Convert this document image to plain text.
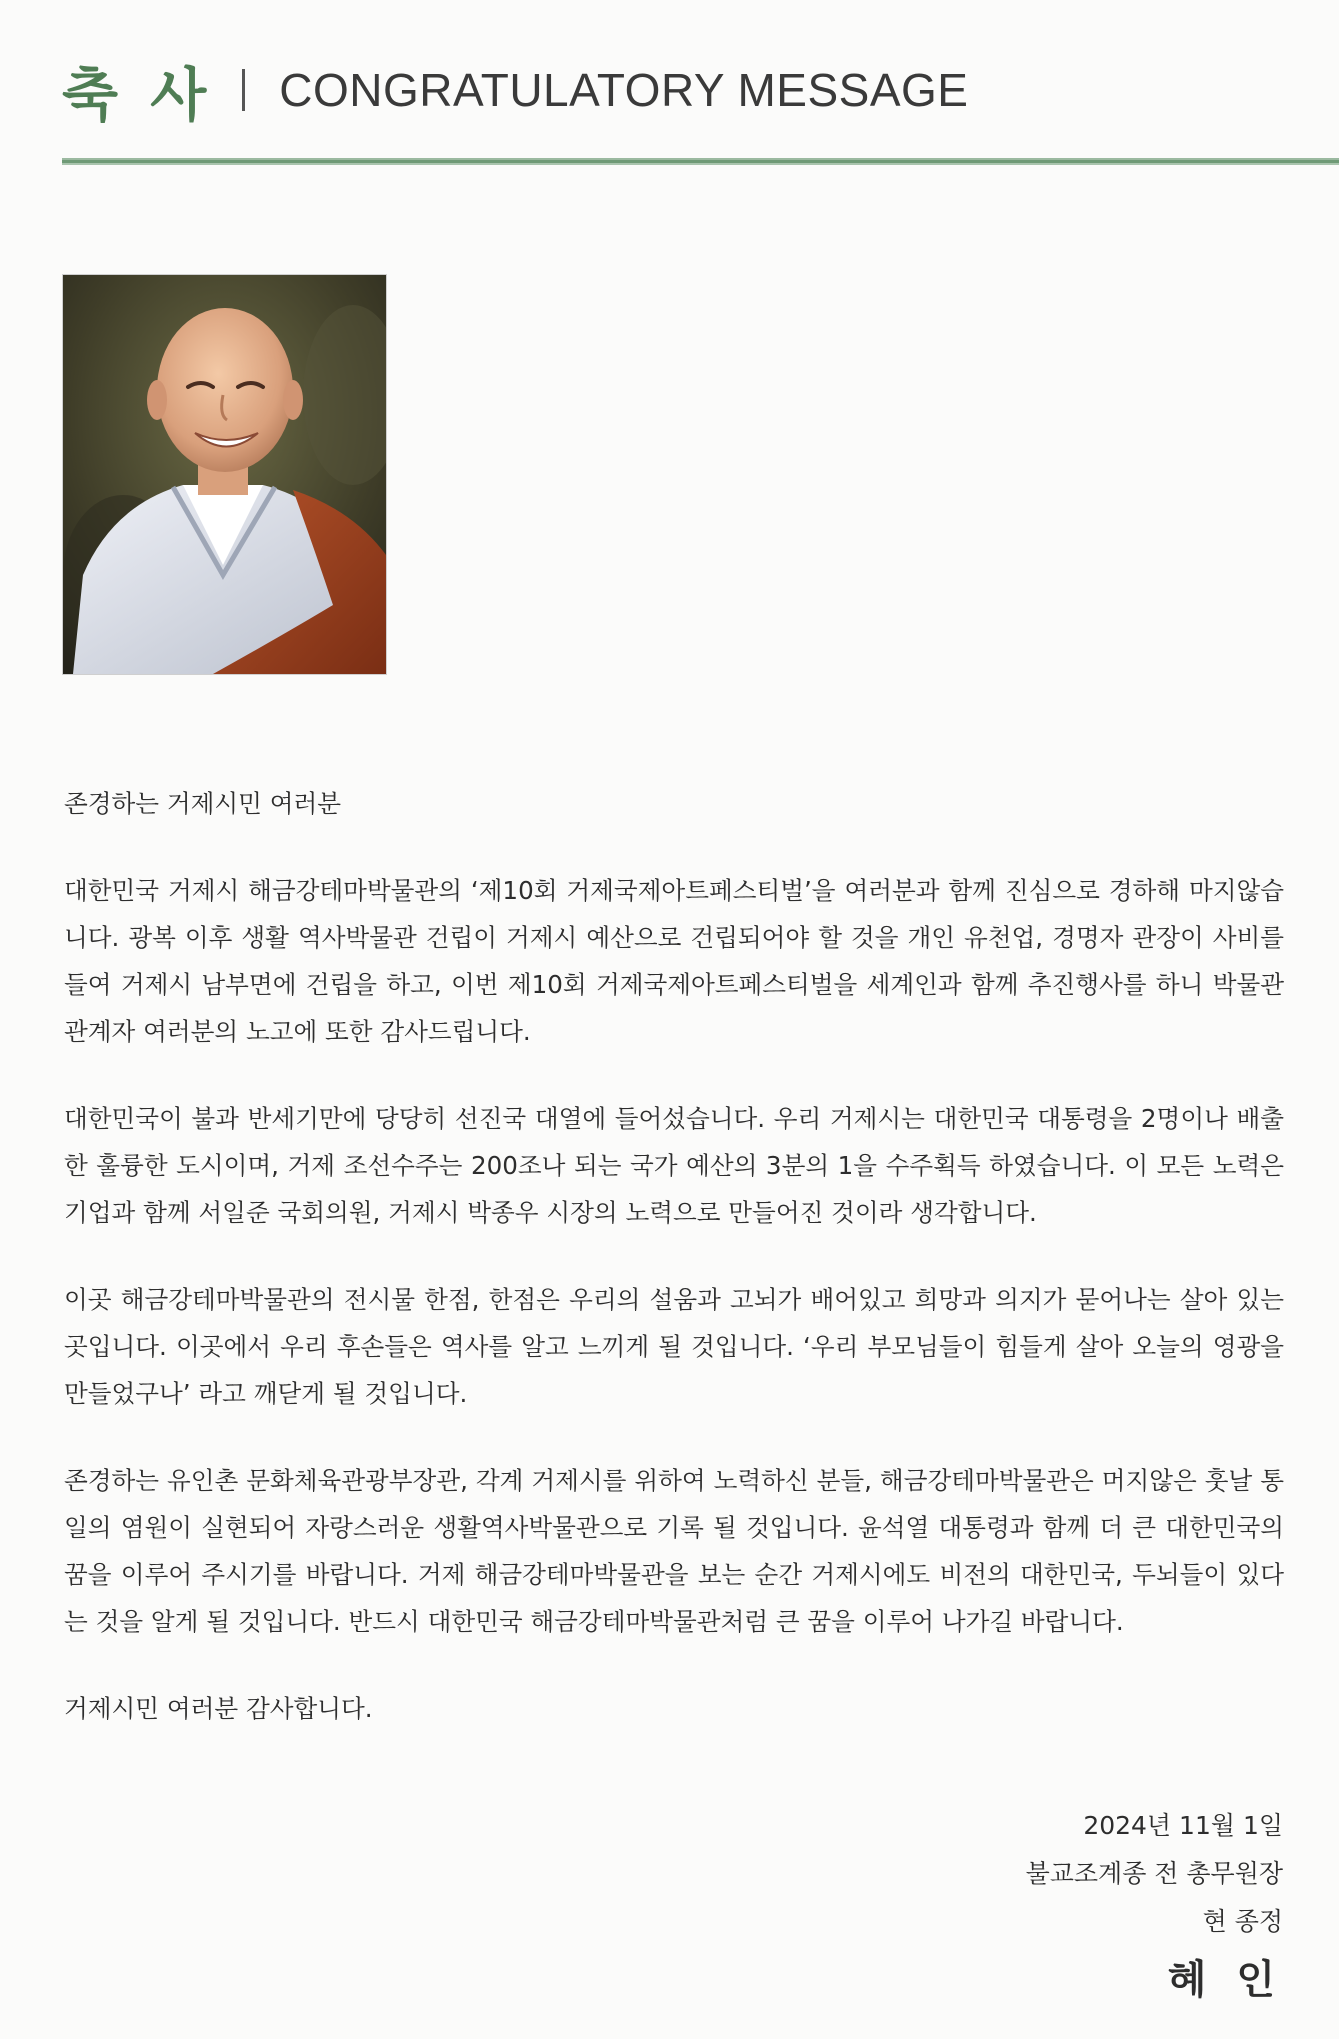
축 사 CONGRATULATORY MESSAGE

존경하는 거제시민 여러분

대한민국 거제시 해금강테마박물관의 ‘제10회 거제국제아트페스티벌’을 여러분과 함께 진심으로 경하해 마지않습니다. 광복 이후 생활 역사박물관 건립이 거제시 예산으로 건립되어야 할 것을 개인 유천업, 경명자 관장이 사비를 들여 거제시 남부면에 건립을 하고, 이번 제10회 거제국제아트페스티벌을 세계인과 함께 추진행사를 하니 박물관 관계자 여러분의 노고에 또한 감사드립니다.

대한민국이 불과 반세기만에 당당히 선진국 대열에 들어섰습니다. 우리 거제시는 대한민국 대통령을 2명이나 배출한 훌륭한 도시이며, 거제 조선수주는 200조나 되는 국가 예산의 3분의 1을 수주획득 하였습니다. 이 모든 노력은 기업과 함께 서일준 국회의원, 거제시 박종우 시장의 노력으로 만들어진 것이라 생각합니다.

이곳 해금강테마박물관의 전시물 한점, 한점은 우리의 설움과 고뇌가 배어있고 희망과 의지가 묻어나는 살아 있는 곳입니다. 이곳에서 우리 후손들은 역사를 알고 느끼게 될 것입니다. ‘우리 부모님들이 힘들게 살아 오늘의 영광을 만들었구나’ 라고 깨닫게 될 것입니다.

존경하는 유인촌 문화체육관광부장관, 각계 거제시를 위하여 노력하신 분들, 해금강테마박물관은 머지않은 훗날 통일의 염원이 실현되어 자랑스러운 생활역사박물관으로 기록 될 것입니다. 윤석열 대통령과 함께 더 큰 대한민국의 꿈을 이루어 주시기를 바랍니다. 거제 해금강테마박물관을 보는 순간 거제시에도 비전의 대한민국, 두뇌들이 있다는 것을 알게 될 것입니다. 반드시 대한민국 해금강테마박물관처럼 큰 꿈을 이루어 나가길 바랍니다.

거제시민 여러분 감사합니다.

2024년 11월 1일
불교조계종 전 총무원장
현 종정
혜 인
